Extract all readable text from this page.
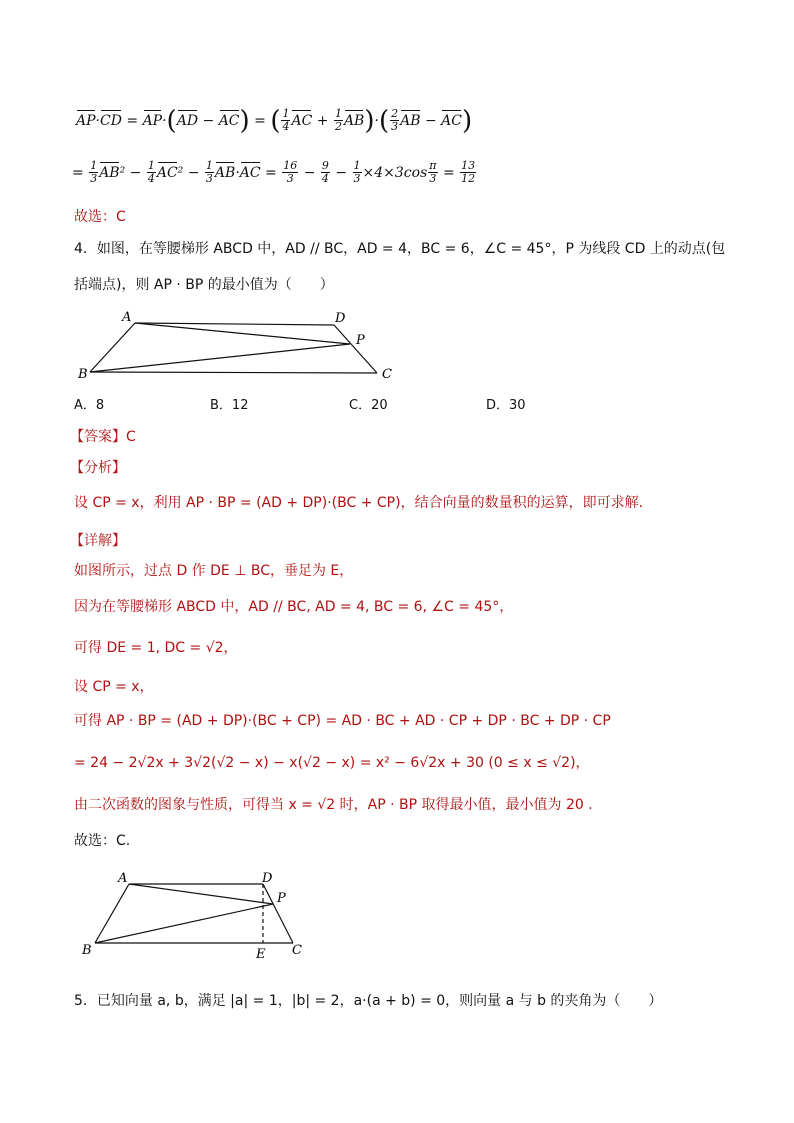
AP·CD = AP·(AD − AC) = ( $\frac{1}{4}$ AC + $\frac{1}{2} AB)\cdot( \frac{2}{3}$ AB − AC)
= $\frac{1}{3} AB^2 - \frac{1}{4} AC^2 - \frac{1}{3} AB\cdot AC = \frac{16}{3} - \frac{9}{4} - \frac{1}{3} \times 4\times 3\cos \frac{\pi}{3} = \frac{13}{12}$
故选：C
4．如图，在等腰梯形 ABCD 中，AD // BC，AD = 4，BC = 6，∠C = 45°，P 为线段 CD 上的动点(包
括端点)，则 AP · BP 的最小值为（　　）
A	D
P
B	C
A．8	B．12	C．20	D．30
【答案】C
【分析】
设 CP = x，利用 AP · BP = (AD + DP)·(BC + CP)，结合向量的数量积的运算，即可求解.
【详解】
如图所示，过点 D 作 DE ⊥ BC，垂足为 E，
因为在等腰梯形 ABCD 中，AD // BC, AD = 4, BC = 6, ∠C = 45°，
可得 DE = 1, DC = √2，
设 CP = x，
可得 AP · BP = (AD + DP)·(BC + CP) = AD · BC + AD · CP + DP · BC + DP · CP
= 24 − 2√2x + 3√2(√2 − x) − x(√2 − x) = x² − 6√2x + 30 (0 ≤ x ≤ √2)，
由二次函数的图象与性质，可得当 x = √2 时，AP · BP 取得最小值，最小值为 20 .
故选：C.
A	D
P
B	E C
5．已知向量 a, b，满足 |a| = 1，|b| = 2，a·(a + b) = 0，则向量 a 与 b 的夹角为（　　）
